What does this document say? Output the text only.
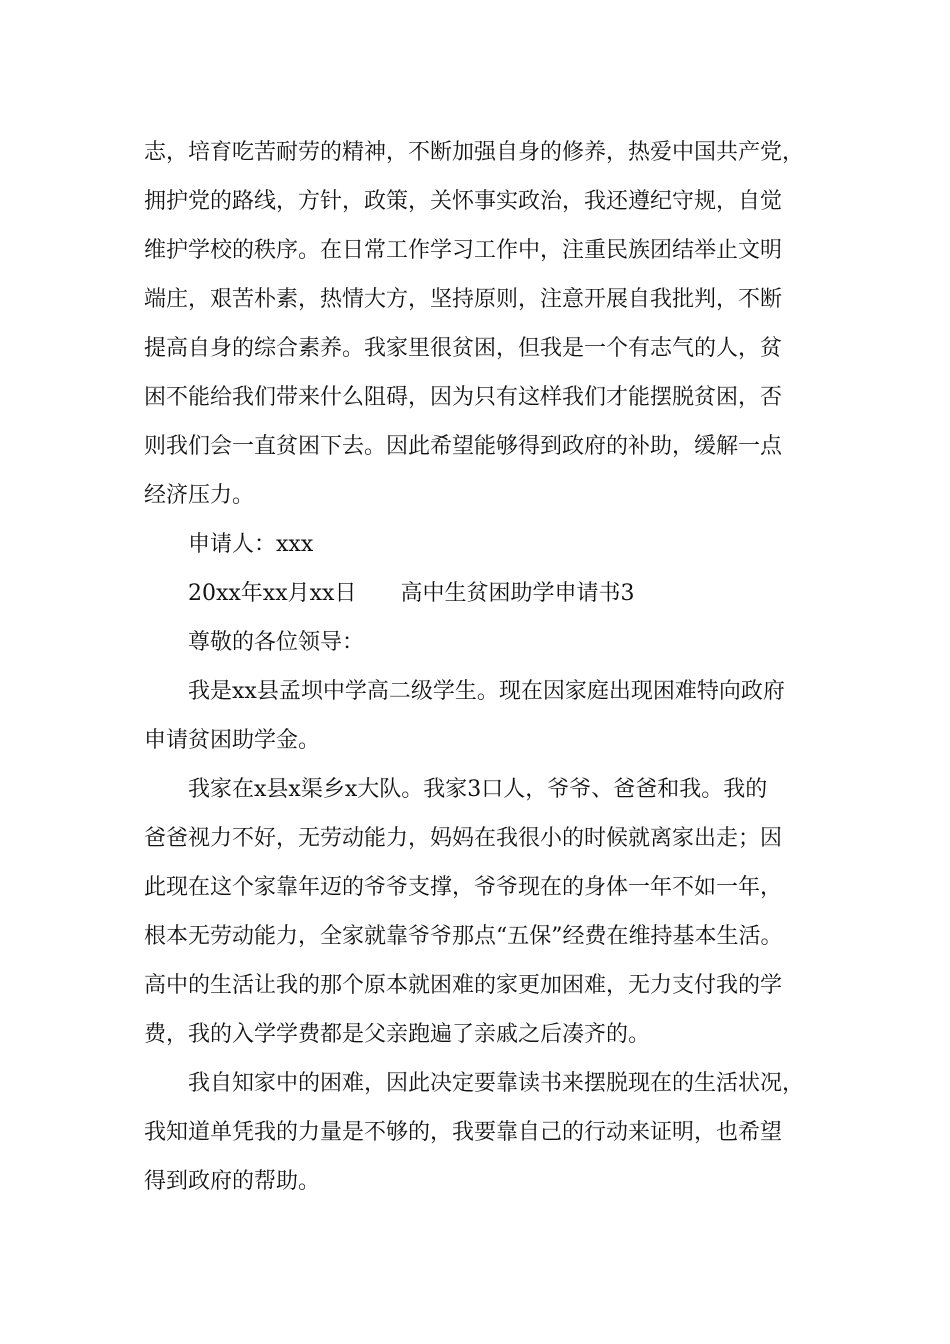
志，培育吃苦耐劳的精神，不断加强自身的修养，热爱中国共产党，
拥护党的路线，方针，政策，关怀事实政治，我还遵纪守规，自觉
维护学校的秩序。在日常工作学习工作中，注重民族团结举止文明
端庄，艰苦朴素，热情大方，坚持原则，注意开展自我批判，不断
提高自身的综合素养。我家里很贫困，但我是一个有志气的人，贫
困不能给我们带来什么阻碍，因为只有这样我们才能摆脱贫困，否
则我们会一直贫困下去。因此希望能够得到政府的补助，缓解一点
经济压力。
申请人：xxx
20xx年xx月xx日 高中生贫困助学申请书3
尊敬的各位领导：
我是xx县孟坝中学高二级学生。现在因家庭出现困难特向政府
申请贫困助学金。
我家在x县x渠乡x大队。我家3口人，爷爷、爸爸和我。我的
爸爸视力不好，无劳动能力，妈妈在我很小的时候就离家出走；因
此现在这个家靠年迈的爷爷支撑，爷爷现在的身体一年不如一年，
根本无劳动能力，全家就靠爷爷那点“五保”经费在维持基本生活。
高中的生活让我的那个原本就困难的家更加困难，无力支付我的学
费，我的入学学费都是父亲跑遍了亲戚之后凑齐的。
我自知家中的困难，因此决定要靠读书来摆脱现在的生活状况，
我知道单凭我的力量是不够的，我要靠自己的行动来证明，也希望
得到政府的帮助。
